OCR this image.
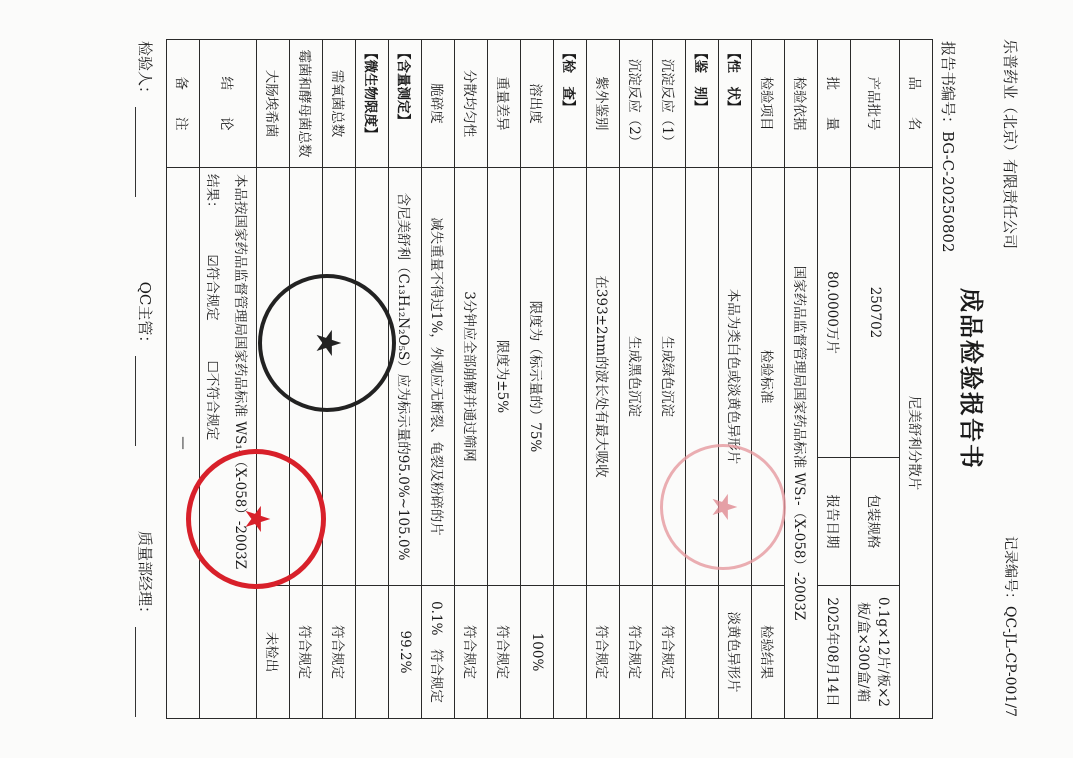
乐普药业（北京）有限责任公司
记录编号：QC-JL-CP-001/7
成品检验报告书
报告书编号：BG-C-20250802
品　　名	尼美舒利分散片		
产品批号	250702	包装规格	0.1g×12片/板×2板/盒×300盒/箱
批　　量	80.0000万片	报告日期	2025年08月14日
检验依据	国家药品监督管理局国家药品标准 WS₁-（X-058）-2003Z		
检验项目	检验标准		检验结果
【性　状】	本品为类白色或淡黄色异形片		淡黄色异形片
【鉴　别】			
沉淀反应（1）	生成绿色沉淀		符合规定
沉淀反应（2）	生成黑色沉淀		符合规定
紫外鉴别	在393±2nm的波长处有最大吸收		符合规定
【检　查】			
溶出度	限度为（标示量的）75%		100%
重量差异	限度为±5%		符合规定
分散均匀性	3分钟应全部崩解并通过筛网		符合规定
脆碎度	减失重量不得过1%，外观应无断裂、龟裂及粉碎的片		0.1%　符合规定
【含量测定】	含尼美舒利（C₁₃H₁₂N₂O₅S）应为标示量的95.0%~105.0%		99.2%
【微生物限度】			
需氧菌总数			符合规定
霉菌和酵母菌总数			符合规定
大肠埃希菌			未检出
结　　论	本品按国家药品监督管理局国家药品标准 WS₁-（X-058）-2003Z
结果：
☑符合规定
☐不符合规定		

备　　注	—		
检验人：
QC主管：
质量部经理：
★
★	★
